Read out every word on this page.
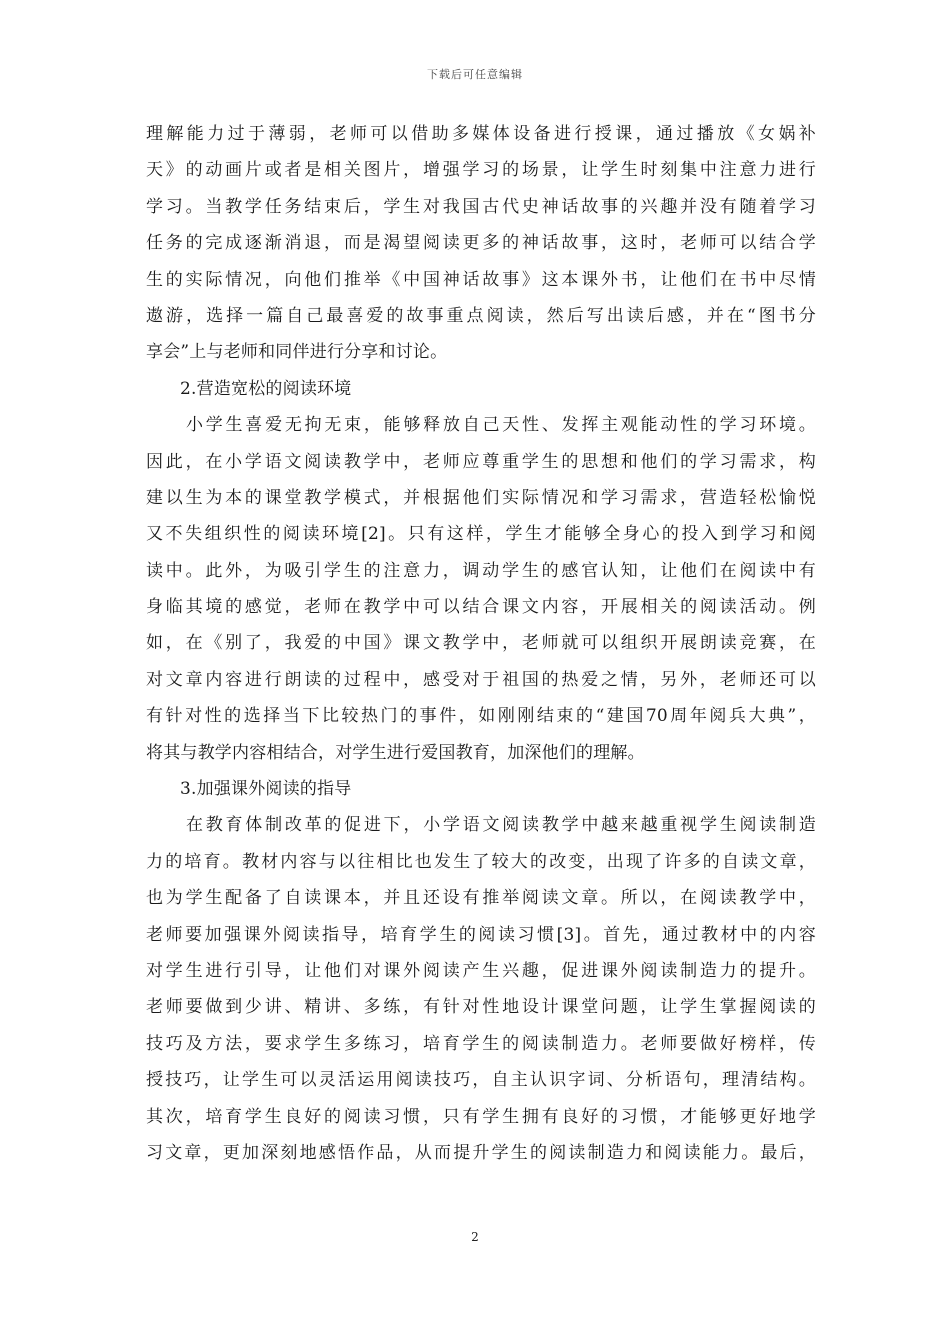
下载后可任意编辑
理解能力过于薄弱，老师可以借助多媒体设备进行授课，通过播放《女娲补
天》的动画片或者是相关图片，增强学习的场景，让学生时刻集中注意力进行
学习。当教学任务结束后，学生对我国古代史神话故事的兴趣并没有随着学习
任务的完成逐渐消退，而是渴望阅读更多的神话故事，这时，老师可以结合学
生的实际情况，向他们推举《中国神话故事》这本课外书，让他们在书中尽情
遨游，选择一篇自己最喜爱的故事重点阅读，然后写出读后感，并在“图书分
享会”上与老师和同伴进行分享和讨论。
2.营造宽松的阅读环境
小学生喜爱无拘无束，能够释放自己天性、发挥主观能动性的学习环境。
因此，在小学语文阅读教学中，老师应尊重学生的思想和他们的学习需求，构
建以生为本的课堂教学模式，并根据他们实际情况和学习需求，营造轻松愉悦
又不失组织性的阅读环境[2]。只有这样，学生才能够全身心的投入到学习和阅
读中。此外，为吸引学生的注意力，调动学生的感官认知，让他们在阅读中有
身临其境的感觉，老师在教学中可以结合课文内容，开展相关的阅读活动。例
如，在《别了，我爱的中国》课文教学中，老师就可以组织开展朗读竞赛，在
对文章内容进行朗读的过程中，感受对于祖国的热爱之情，另外，老师还可以
有针对性的选择当下比较热门的事件，如刚刚结束的“建国70周年阅兵大典”，
将其与教学内容相结合，对学生进行爱国教育，加深他们的理解。
3.加强课外阅读的指导
在教育体制改革的促进下，小学语文阅读教学中越来越重视学生阅读制造
力的培育。教材内容与以往相比也发生了较大的改变，出现了许多的自读文章，
也为学生配备了自读课本，并且还设有推举阅读文章。所以，在阅读教学中，
老师要加强课外阅读指导，培育学生的阅读习惯[3]。首先，通过教材中的内容
对学生进行引导，让他们对课外阅读产生兴趣，促进课外阅读制造力的提升。
老师要做到少讲、精讲、多练，有针对性地设计课堂问题，让学生掌握阅读的
技巧及方法，要求学生多练习，培育学生的阅读制造力。老师要做好榜样，传
授技巧，让学生可以灵活运用阅读技巧，自主认识字词、分析语句，理清结构。
其次，培育学生良好的阅读习惯，只有学生拥有良好的习惯，才能够更好地学
习文章，更加深刻地感悟作品，从而提升学生的阅读制造力和阅读能力。最后，
2
